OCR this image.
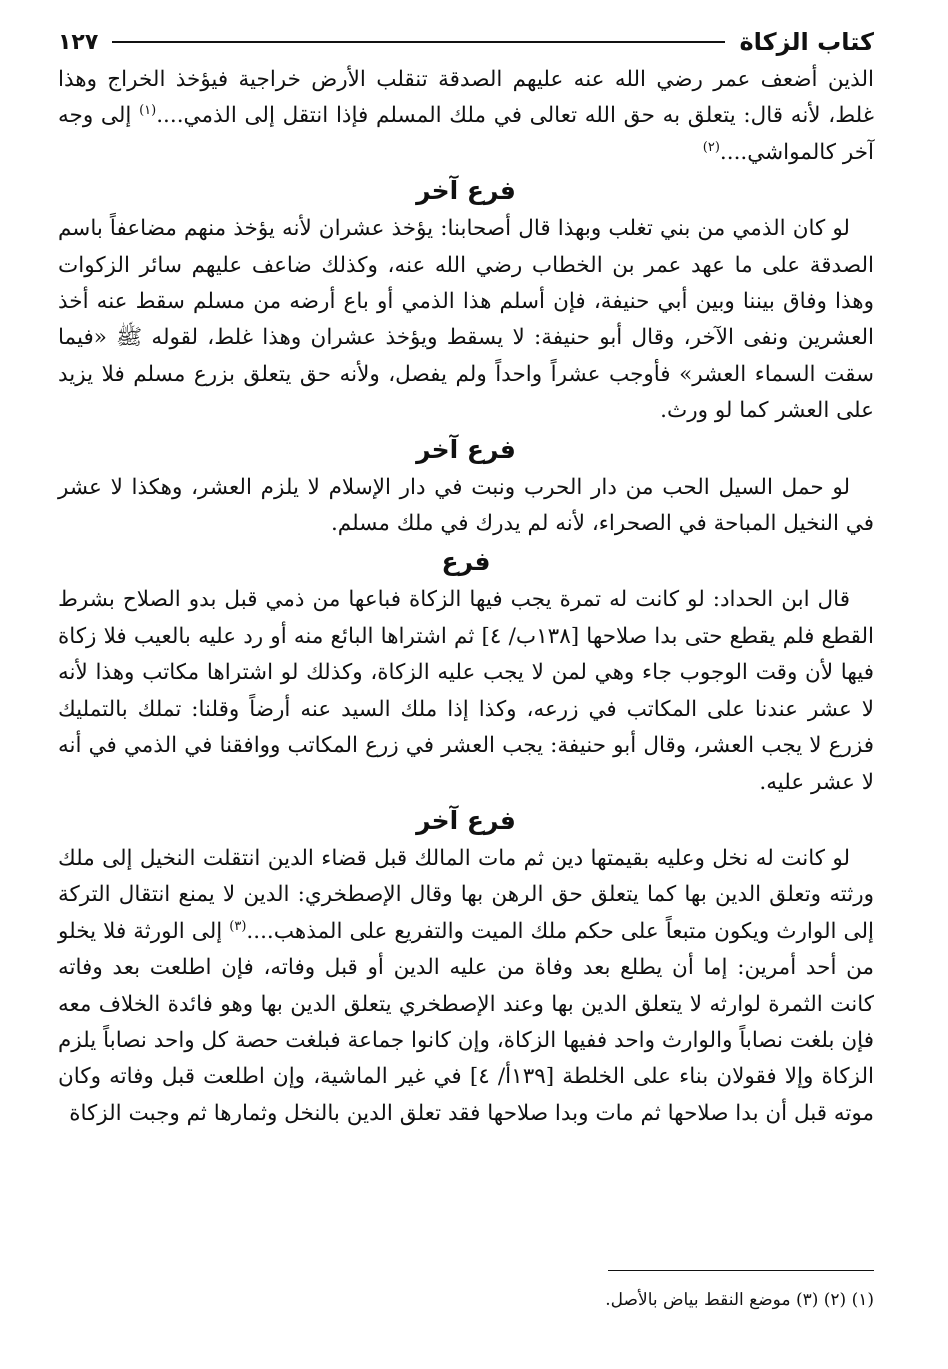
كتاب الزكاة
١٢٧

الذين أضعف عمر رضي الله عنه عليهم الصدقة تنقلب الأرض خراجية فيؤخذ الخراج وهذا غلط، لأنه قال: يتعلق به حق الله تعالى في ملك المسلم فإذا انتقل إلى الذمي....$^{(١)}$ إلى وجه آخر كالمواشي....$^{(٢)}$

فرع آخر

لو كان الذمي من بني تغلب وبهذا قال أصحابنا: يؤخذ عشران لأنه يؤخذ منهم مضاعفاً باسم الصدقة على ما عهد عمر بن الخطاب رضي الله عنه، وكذلك ضاعف عليهم سائر الزكوات وهذا وفاق بيننا وبين أبي حنيفة، فإن أسلم هذا الذمي أو باع أرضه من مسلم سقط عنه أخذ العشرين ونفى الآخر، وقال أبو حنيفة: لا يسقط ويؤخذ عشران وهذا غلط، لقوله ﷺ «فيما سقت السماء العشر» فأوجب عشراً واحداً ولم يفصل، ولأنه حق يتعلق بزرع مسلم فلا يزيد على العشر كما لو ورث.

فرع آخر

لو حمل السيل الحب من دار الحرب ونبت في دار الإسلام لا يلزم العشر، وهكذا لا عشر في النخيل المباحة في الصحراء، لأنه لم يدرك في ملك مسلم.

فرع

قال ابن الحداد: لو كانت له تمرة يجب فيها الزكاة فباعها من ذمي قبل بدو الصلاح بشرط القطع فلم يقطع حتى بدا صلاحها [١٣٨ب/ ٤] ثم اشتراها البائع منه أو رد عليه بالعيب فلا زكاة فيها لأن وقت الوجوب جاء وهي لمن لا يجب عليه الزكاة، وكذلك لو اشتراها مكاتب وهذا لأنه لا عشر عندنا على المكاتب في زرعه، وكذا إذا ملك السيد عنه أرضاً وقلنا: تملك بالتمليك فزرع لا يجب العشر، وقال أبو حنيفة: يجب العشر في زرع المكاتب ووافقنا في الذمي في أنه لا عشر عليه.

فرع آخر

لو كانت له نخل وعليه بقيمتها دين ثم مات المالك قبل قضاء الدين انتقلت النخيل إلى ملك ورثته وتعلق الدين بها كما يتعلق حق الرهن بها وقال الإصطخري: الدين لا يمنع انتقال التركة إلى الوارث ويكون متبعاً على حكم ملك الميت والتفريع على المذهب....$^{(٣)}$ إلى الورثة فلا يخلو من أحد أمرين: إما أن يطلع بعد وفاة من عليه الدين أو قبل وفاته، فإن اطلعت بعد وفاته كانت الثمرة لوارثه لا يتعلق الدين بها وعند الإصطخري يتعلق الدين بها وهو فائدة الخلاف معه فإن بلغت نصاباً والوارث واحد ففيها الزكاة، وإن كانوا جماعة فبلغت حصة كل واحد نصاباً يلزم الزكاة وإلا فقولان بناء على الخلطة [١٣٩أ/ ٤] في غير الماشية، وإن اطلعت قبل وفاته وكان موته قبل أن بدا صلاحها ثم مات وبدا صلاحها فقد تعلق الدين بالنخل وثمارها ثم وجبت الزكاة

(١) (٢) (٣) موضع النقط بياض بالأصل.
